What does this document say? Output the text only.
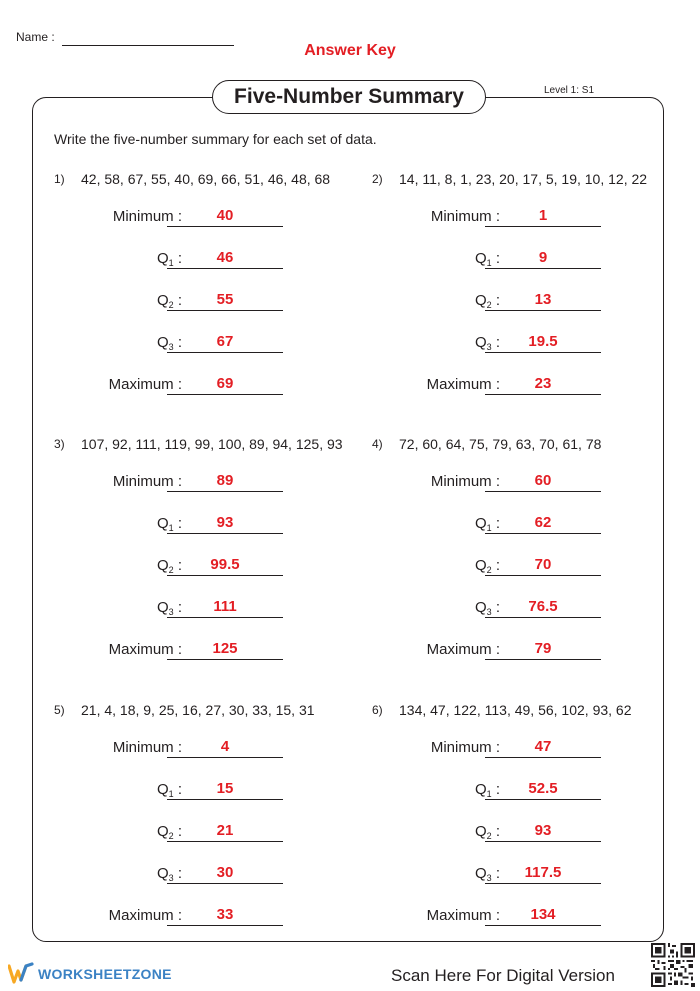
Name :
Answer Key
Five-Number Summary	Level 1: S1
Write the five-number summary for each set of data.
1) 42, 58, 67, 55, 40, 69, 66, 51, 46, 48, 68
Minimum :	40
$Q_1$ :	46
$Q_2$ :	55
$Q_3$ :	67
Maximum :	69
2) 14, 11, 8, 1, 23, 20, 17, 5, 19, 10, 12, 22
Minimum :	1
$Q_1$ :	9
$Q_2$ :	13
$Q_3$ :	19.5
Maximum :	23
3) 107, 92, 111, 119, 99, 100, 89, 94, 125, 93
Minimum :	89
$Q_1$ :	93
$Q_2$ :	99.5
$Q_3$ :	111
Maximum :	125
4) 72, 60, 64, 75, 79, 63, 70, 61, 78
Minimum :	60
$Q_1$ :	62
$Q_2$ :	70
$Q_3$ :	76.5
Maximum :	79
5) 21, 4, 18, 9, 25, 16, 27, 30, 33, 15, 31
Minimum :	4
$Q_1$ :	15
$Q_2$ :	21
$Q_3$ :	30
Maximum :	33
6) 134, 47, 122, 113, 49, 56, 102, 93, 62
Minimum :	47
$Q_1$ :	52.5
$Q_2$ :	93
$Q_3$ :	117.5
Maximum :	134
WORKSHEETZONE	Scan Here For Digital Version
